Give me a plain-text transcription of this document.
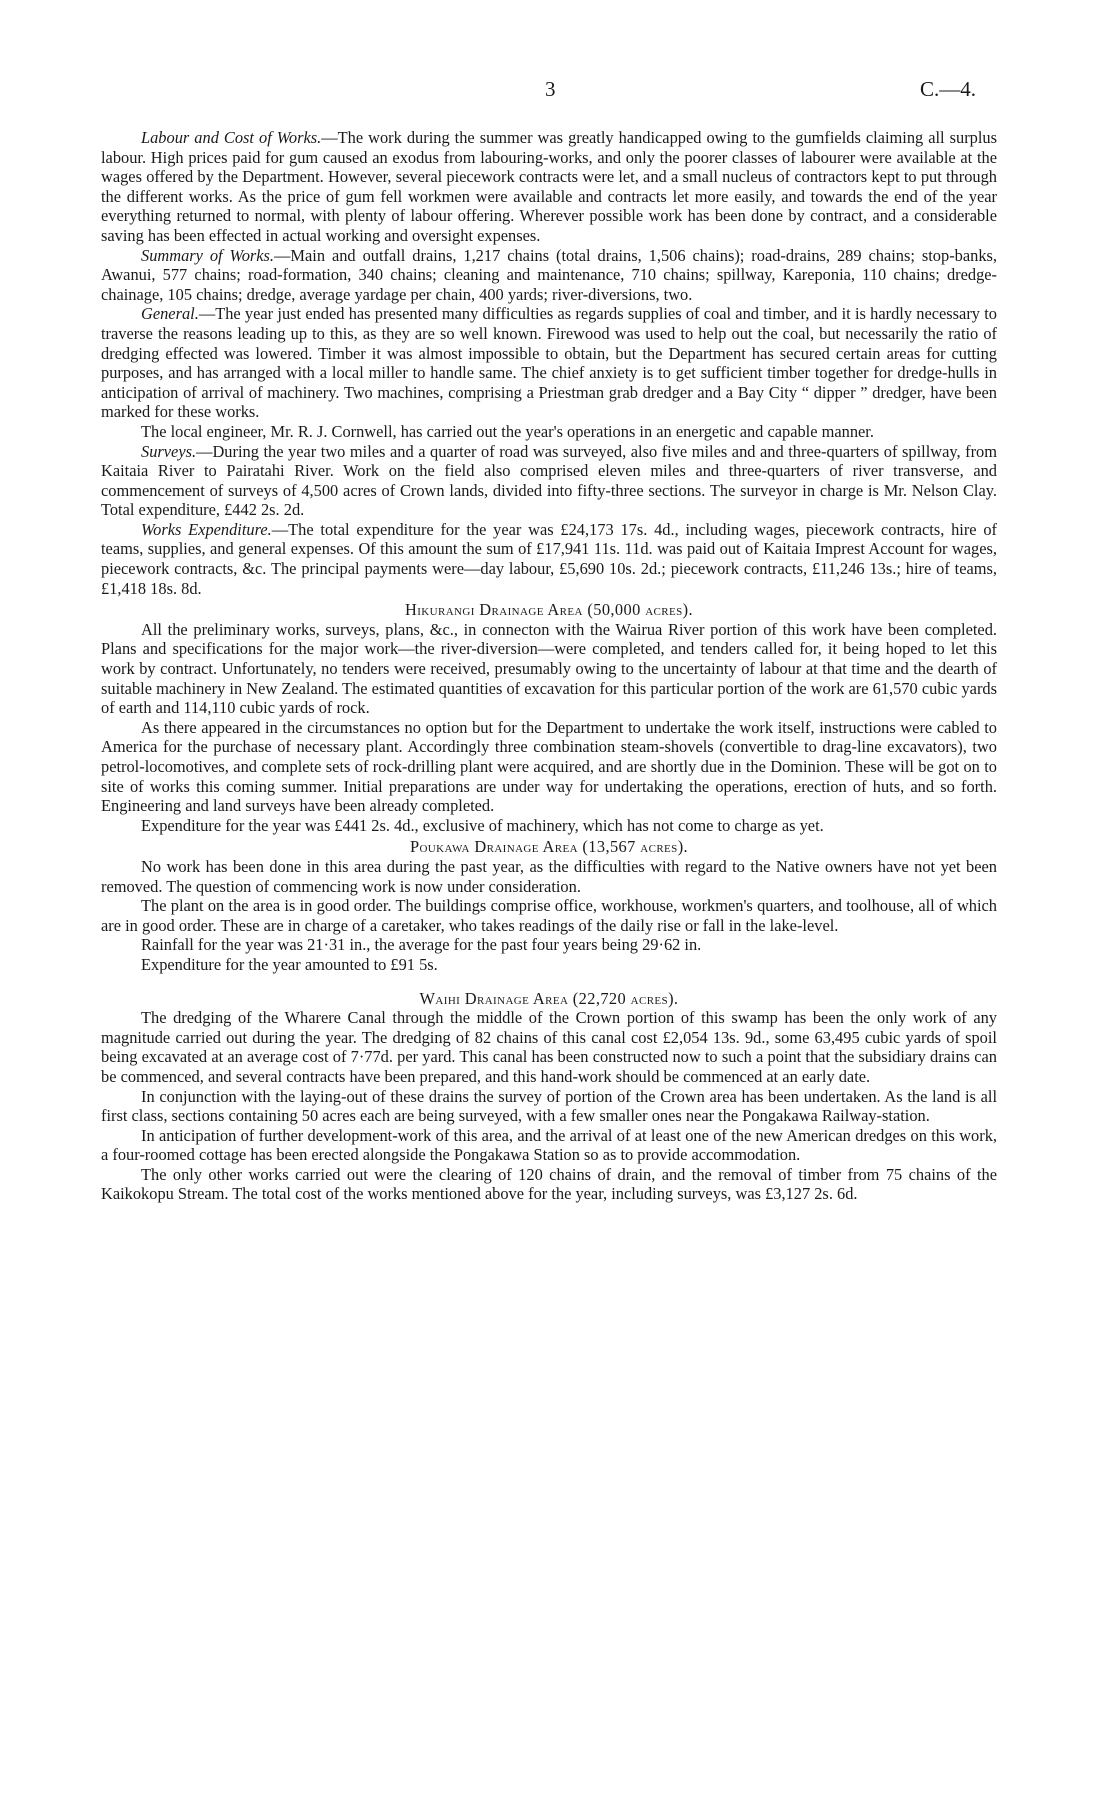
3	C.—4.

Labour and Cost of Works.—The work during the summer was greatly handicapped owing to the gumfields claiming all surplus labour. High prices paid for gum caused an exodus from labouring-works, and only the poorer classes of labourer were available at the wages offered by the Department. However, several piecework contracts were let, and a small nucleus of contractors kept to put through the different works. As the price of gum fell workmen were available and contracts let more easily, and towards the end of the year everything returned to normal, with plenty of labour offering. Wherever possible work has been done by contract, and a considerable saving has been effected in actual working and oversight expenses.

Summary of Works.—Main and outfall drains, 1,217 chains (total drains, 1,506 chains); road-drains, 289 chains; stop-banks, Awanui, 577 chains; road-formation, 340 chains; cleaning and maintenance, 710 chains; spillway, Kareponia, 110 chains; dredge-chainage, 105 chains; dredge, average yardage per chain, 400 yards; river-diversions, two.

General.—The year just ended has presented many difficulties as regards supplies of coal and timber, and it is hardly necessary to traverse the reasons leading up to this, as they are so well known. Firewood was used to help out the coal, but necessarily the ratio of dredging effected was lowered. Timber it was almost impossible to obtain, but the Department has secured certain areas for cutting purposes, and has arranged with a local miller to handle same. The chief anxiety is to get sufficient timber together for dredge-hulls in anticipation of arrival of machinery. Two machines, comprising a Priestman grab dredger and a Bay City “ dipper ” dredger, have been marked for these works.

The local engineer, Mr. R. J. Cornwell, has carried out the year's operations in an energetic and capable manner.

Surveys.—During the year two miles and a quarter of road was surveyed, also five miles and and three-quarters of spillway, from Kaitaia River to Pairatahi River. Work on the field also comprised eleven miles and three-quarters of river transverse, and commencement of surveys of 4,500 acres of Crown lands, divided into fifty-three sections. The surveyor in charge is Mr. Nelson Clay. Total expenditure, £442 2s. 2d.

Works Expenditure.—The total expenditure for the year was £24,173 17s. 4d., including wages, piecework contracts, hire of teams, supplies, and general expenses. Of this amount the sum of £17,941 11s. 11d. was paid out of Kaitaia Imprest Account for wages, piecework contracts, &c. The principal payments were—day labour, £5,690 10s. 2d.; piecework contracts, £11,246 13s.; hire of teams, £1,418 18s. 8d.

Hikurangi Drainage Area (50,000 acres).

All the preliminary works, surveys, plans, &c., in connecton with the Wairua River portion of this work have been completed. Plans and specifications for the major work—the river-diversion—were completed, and tenders called for, it being hoped to let this work by contract. Unfortunately, no tenders were received, presumably owing to the uncertainty of labour at that time and the dearth of suitable machinery in New Zealand. The estimated quantities of excavation for this particular portion of the work are 61,570 cubic yards of earth and 114,110 cubic yards of rock.

As there appeared in the circumstances no option but for the Department to undertake the work itself, instructions were cabled to America for the purchase of necessary plant. Accordingly three combination steam-shovels (convertible to drag-line excavators), two petrol-locomotives, and complete sets of rock-drilling plant were acquired, and are shortly due in the Dominion. These will be got on to site of works this coming summer. Initial preparations are under way for undertaking the operations, erection of huts, and so forth. Engineering and land surveys have been already completed.

Expenditure for the year was £441 2s. 4d., exclusive of machinery, which has not come to charge as yet.

Poukawa Drainage Area (13,567 acres).

No work has been done in this area during the past year, as the difficulties with regard to the Native owners have not yet been removed. The question of commencing work is now under consideration.

The plant on the area is in good order. The buildings comprise office, workhouse, workmen's quarters, and toolhouse, all of which are in good order. These are in charge of a caretaker, who takes readings of the daily rise or fall in the lake-level.

Rainfall for the year was 21·31 in., the average for the past four years being 29·62 in.

Expenditure for the year amounted to £91 5s.

Waihi Drainage Area (22,720 acres).

The dredging of the Wharere Canal through the middle of the Crown portion of this swamp has been the only work of any magnitude carried out during the year. The dredging of 82 chains of this canal cost £2,054 13s. 9d., some 63,495 cubic yards of spoil being excavated at an average cost of 7·77d. per yard. This canal has been constructed now to such a point that the subsidiary drains can be commenced, and several contracts have been prepared, and this hand-work should be commenced at an early date.

In conjunction with the laying-out of these drains the survey of portion of the Crown area has been undertaken. As the land is all first class, sections containing 50 acres each are being surveyed, with a few smaller ones near the Pongakawa Railway-station.

In anticipation of further development-work of this area, and the arrival of at least one of the new American dredges on this work, a four-roomed cottage has been erected alongside the Pongakawa Station so as to provide accommodation.

The only other works carried out were the clearing of 120 chains of drain, and the removal of timber from 75 chains of the Kaikokopu Stream. The total cost of the works mentioned above for the year, including surveys, was £3,127 2s. 6d.
